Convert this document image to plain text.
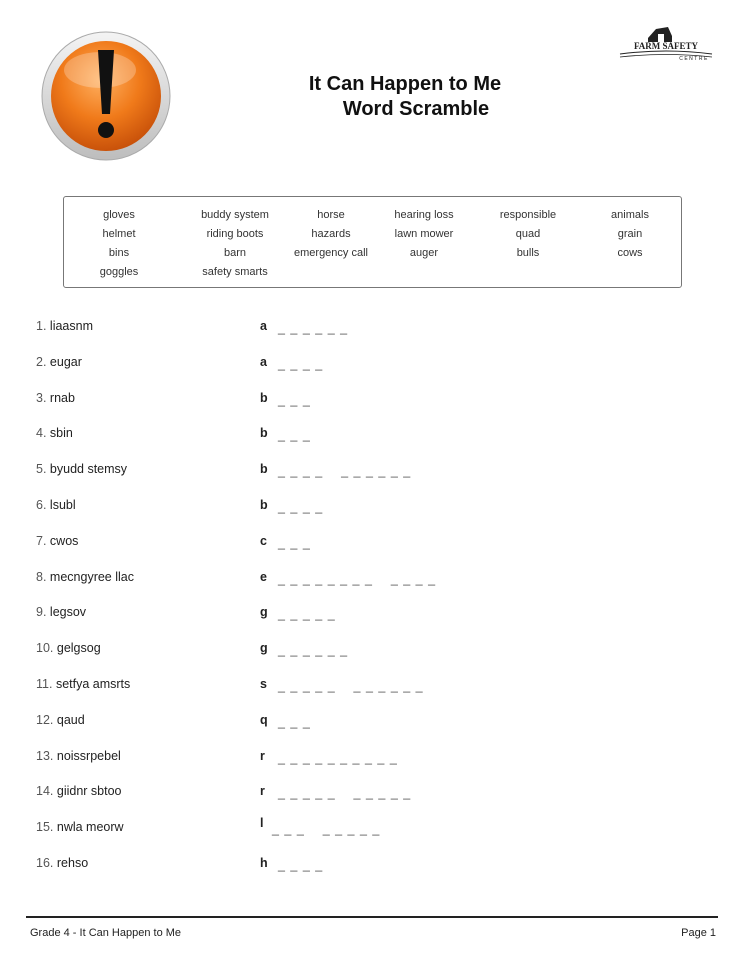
FARM SAFETY
CENTRE
It Can Happen to Me
Word Scramble
gloves	buddy system	horse	hearing loss	responsible	animals
helmet	riding boots	hazards	lawn mower	quad	grain
bins	barn	emergency call	auger	bulls	cows
goggles	safety smarts
1. liaasnm	a _ _ _ _ _ _
2. eugar	a _ _ _ _
3. rnab	b _ _ _
4. sbin	b _ _ _
5. byudd stemsy	b _ _ _ _    _ _ _ _ _ _
6. lsubl	b _ _ _ _
7. cwos	c _ _ _
8. mecngyree llac	e _ _ _ _ _ _ _ _    _ _ _ _
9. legsov	g _ _ _ _ _
10. gelgsog	g _ _ _ _ _ _
11. setfya amsrts	s _ _ _ _ _    _ _ _ _ _ _
12. qaud	q _ _ _
13. noissrpebel	r _ _ _ _ _ _ _ _ _ _
14. giidnr sbtoo	r _ _ _ _ _    _ _ _ _ _
15. nwla meorw	l _ _ _    _ _ _ _ _
16. rehso	h _ _ _ _
Grade 4 - It Can Happen to Me	Page 1
